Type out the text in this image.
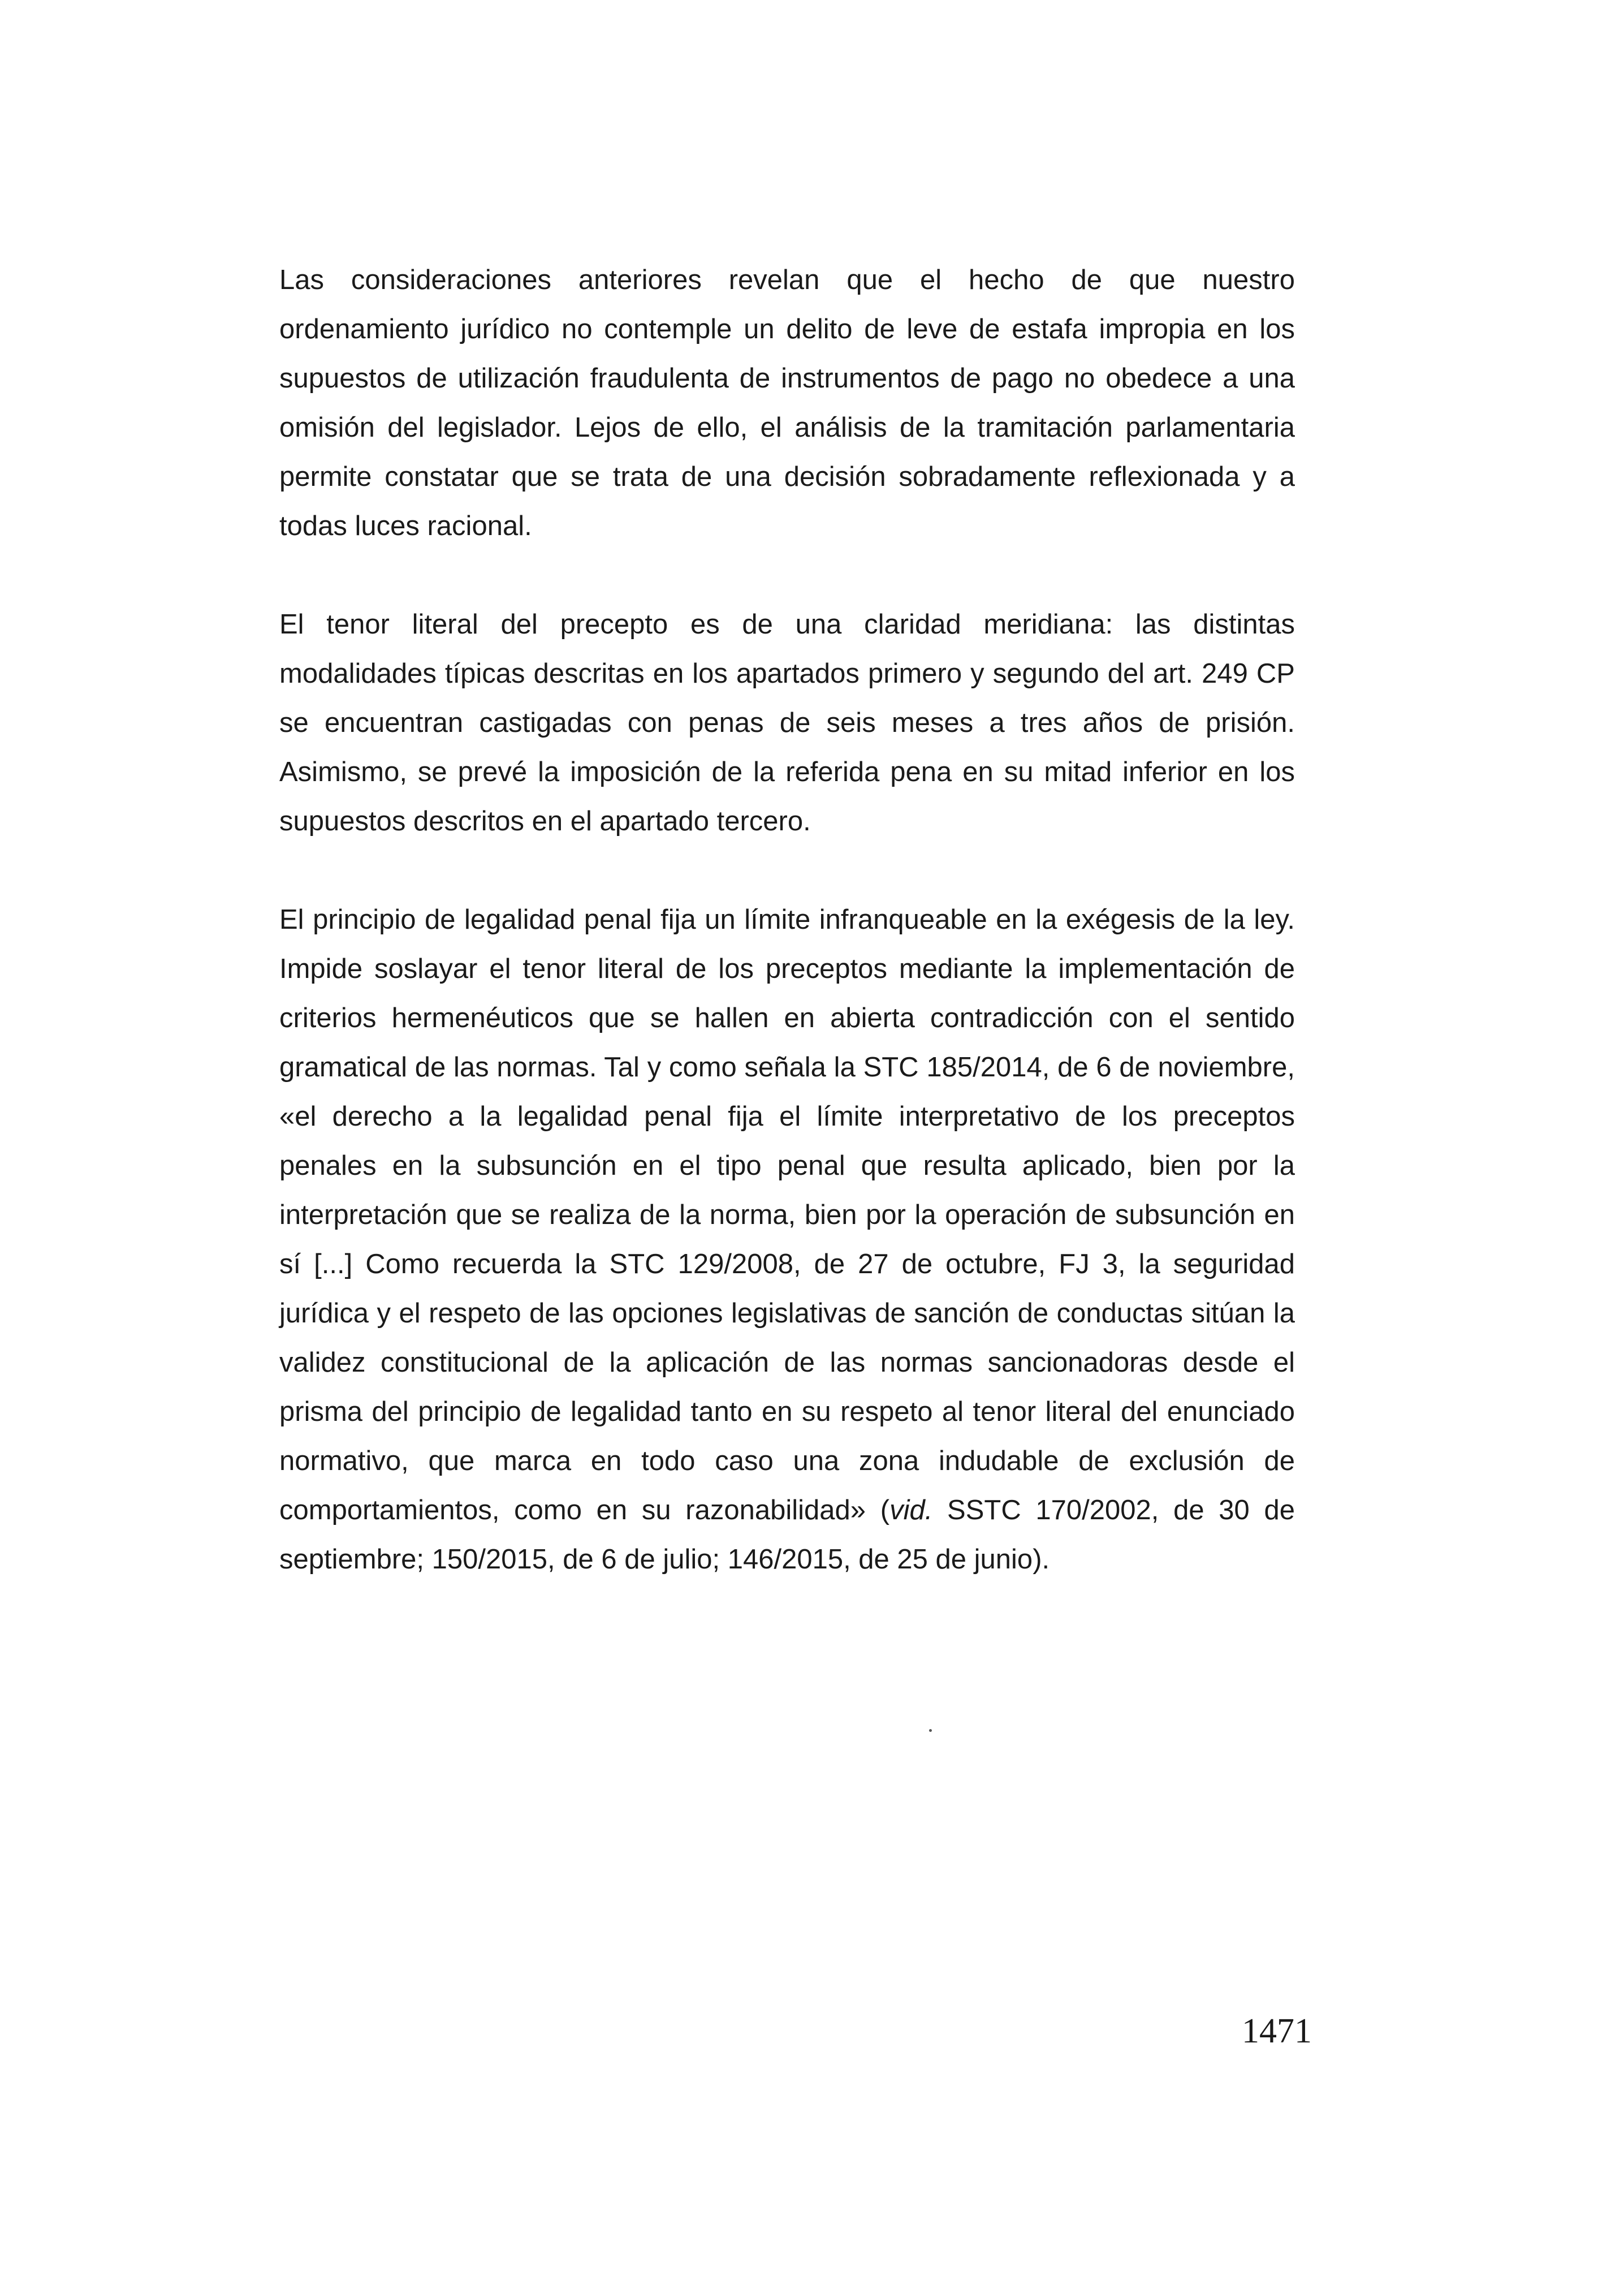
Las consideraciones anteriores revelan que el hecho de que nuestro ordenamiento jurídico no contemple un delito de leve de estafa impropia en los supuestos de utilización fraudulenta de instrumentos de pago no obedece a una omisión del legislador. Lejos de ello, el análisis de la tramitación parlamentaria permite constatar que se trata de una decisión sobradamente reflexionada y a todas luces racional.

El tenor literal del precepto es de una claridad meridiana: las distintas modalidades típicas descritas en los apartados primero y segundo del art. 249 CP se encuentran castigadas con penas de seis meses a tres años de prisión. Asimismo, se prevé la imposición de la referida pena en su mitad inferior en los supuestos descritos en el apartado tercero.

El principio de legalidad penal fija un límite infranqueable en la exégesis de la ley. Impide soslayar el tenor literal de los preceptos mediante la implementación de criterios hermenéuticos que se hallen en abierta contradicción con el sentido gramatical de las normas. Tal y como señala la STC 185/2014, de 6 de noviembre, «el derecho a la legalidad penal fija el límite interpretativo de los preceptos penales en la subsunción en el tipo penal que resulta aplicado, bien por la interpretación que se realiza de la norma, bien por la operación de subsunción en sí [...] Como recuerda la STC 129/2008, de 27 de octubre, FJ 3, la seguridad jurídica y el respeto de las opciones legislativas de sanción de conductas sitúan la validez constitucional de la aplicación de las normas sancionadoras desde el prisma del principio de legalidad tanto en su respeto al tenor literal del enunciado normativo, que marca en todo caso una zona indudable de exclusión de comportamientos, como en su razonabilidad» (vid. SSTC 170/2002, de 30 de septiembre; 150/2015, de 6 de julio; 146/2015, de 25 de junio).

1471
